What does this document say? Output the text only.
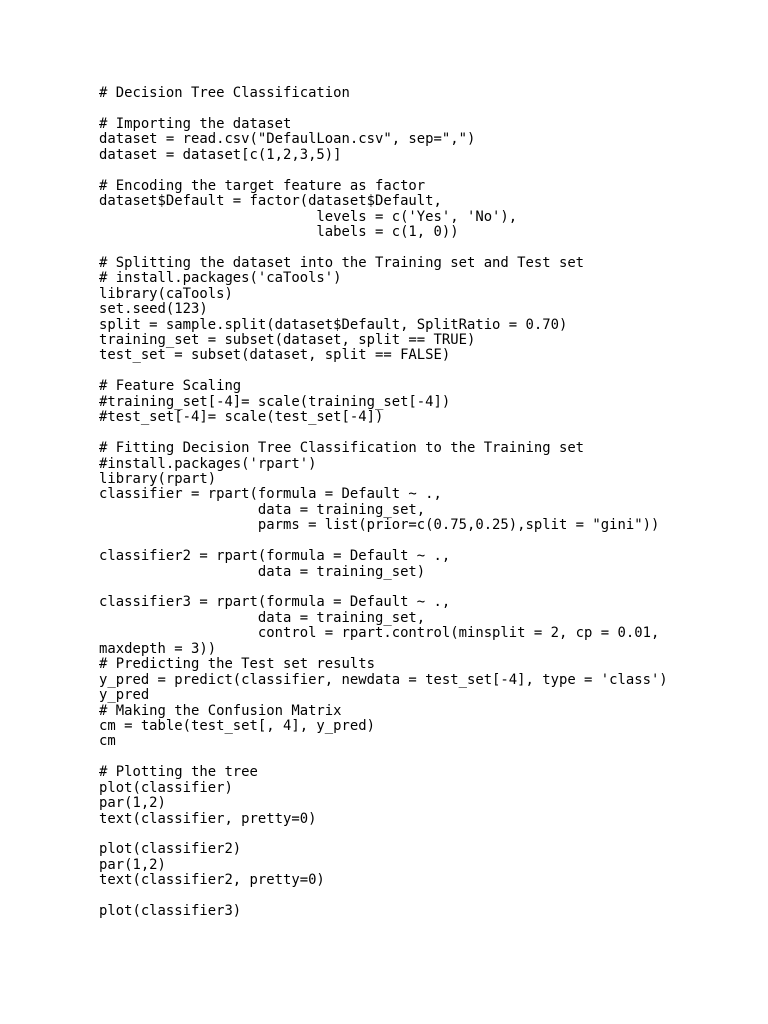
# Decision Tree Classification
# Importing the dataset
dataset = read.csv("DefaulLoan.csv", sep=",")
dataset = dataset[c(1,2,3,5)]
# Encoding the target feature as factor
dataset$Default = factor(dataset$Default,
levels = c('Yes', 'No'),
labels = c(1, 0))
# Splitting the dataset into the Training set and Test set
# install.packages('caTools')
library(caTools)
set.seed(123)
split = sample.split(dataset$Default, SplitRatio = 0.70)
training_set = subset(dataset, split == TRUE)
test_set = subset(dataset, split == FALSE)
# Feature Scaling
#training_set[-4]= scale(training_set[-4])
#test_set[-4]= scale(test_set[-4])
# Fitting Decision Tree Classification to the Training set
#install.packages('rpart')
library(rpart)
classifier = rpart(formula = Default ~ .,
data = training_set,
parms = list(prior=c(0.75,0.25),split = "gini"))
classifier2 = rpart(formula = Default ~ .,
data = training_set)
classifier3 = rpart(formula = Default ~ .,
data = training_set,
control = rpart.control(minsplit = 2, cp = 0.01,
maxdepth = 3))
# Predicting the Test set results
y_pred = predict(classifier, newdata = test_set[-4], type = 'class')
y_pred
# Making the Confusion Matrix
cm = table(test_set[, 4], y_pred)
cm
# Plotting the tree
plot(classifier)
par(1,2)
text(classifier, pretty=0)
plot(classifier2)
par(1,2)
text(classifier2, pretty=0)
plot(classifier3)
